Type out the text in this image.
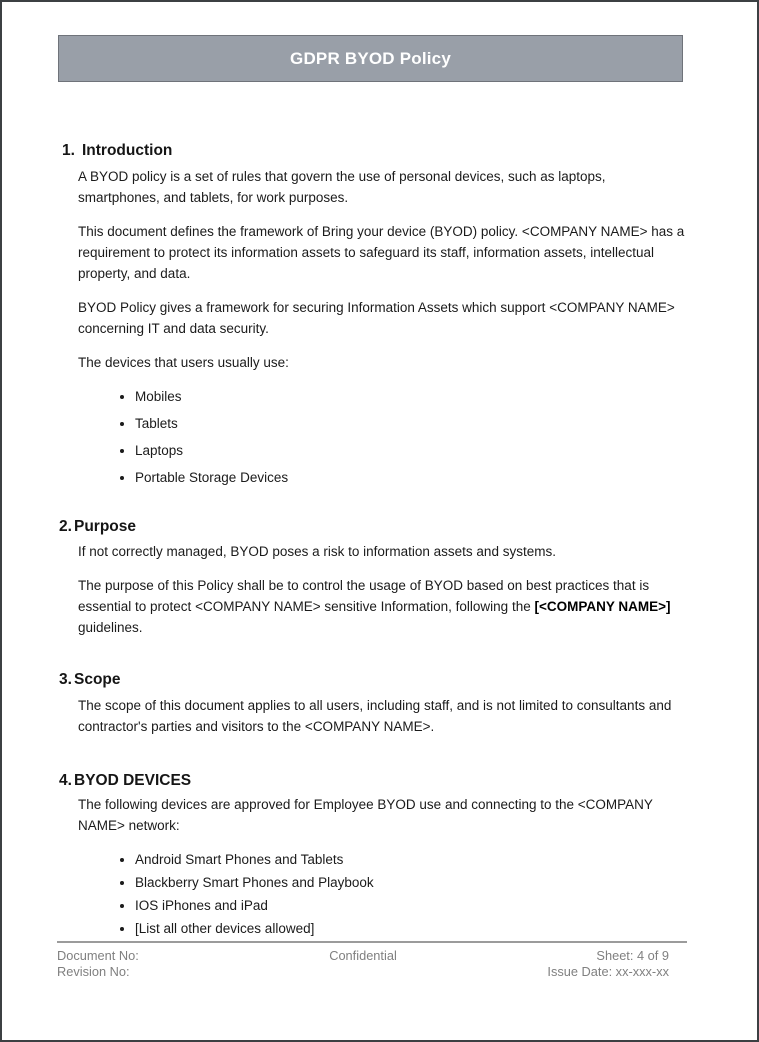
GDPR BYOD Policy
1. Introduction

A BYOD policy is a set of rules that govern the use of personal devices, such as laptops, smartphones, and tablets, for work purposes.

This document defines the framework of Bring your device (BYOD) policy. <COMPANY NAME> has a requirement to protect its information assets to safeguard its staff, information assets, intellectual property, and data.

BYOD Policy gives a framework for securing Information Assets which support <COMPANY NAME> concerning IT and data security.

The devices that users usually use:

• Mobiles
• Tablets
• Laptops
• Portable Storage Devices
2. Purpose

If not correctly managed, BYOD poses a risk to information assets and systems.

The purpose of this Policy shall be to control the usage of BYOD based on best practices that is essential to protect <COMPANY NAME> sensitive Information, following the [<COMPANY NAME>] guidelines.

3. Scope

The scope of this document applies to all users, including staff, and is not limited to consultants and contractor's parties and visitors to the <COMPANY NAME>.

4. BYOD DEVICES

The following devices are approved for Employee BYOD use and connecting to the <COMPANY NAME> network:

• Android Smart Phones and Tablets
• Blackberry Smart Phones and Playbook
• IOS iPhones and iPad
• [List all other devices allowed]
Document No:
Revision No:
Confidential	Sheet: 4 of 9
Issue Date: xx-xxx-xx
